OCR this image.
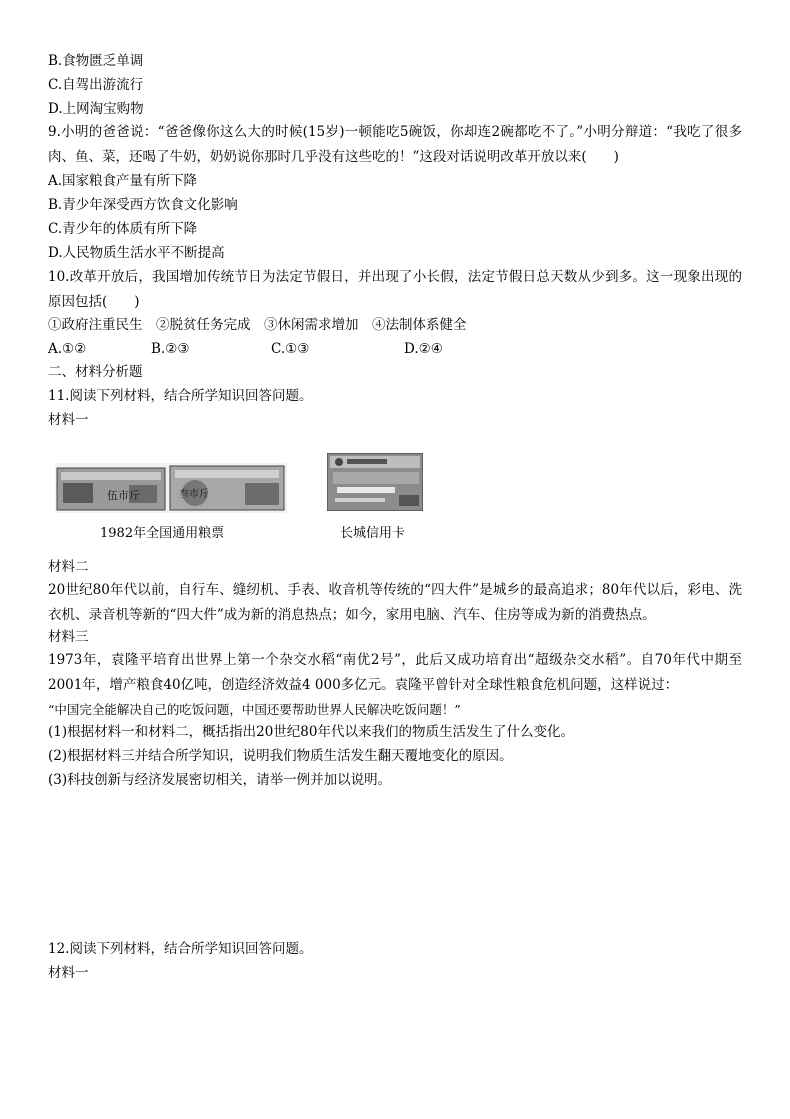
B.食物匮乏单调
C.自驾出游流行
D.上网淘宝购物
9.小明的爸爸说：“爸爸像你这么大的时候(15岁)一顿能吃5碗饭，你却连2碗都吃不了。”小明分辩道：“我吃了很多肉、鱼、菜，还喝了牛奶，奶奶说你那时几乎没有这些吃的！”这段对话说明改革开放以来(　　)
A.国家粮食产量有所下降
B.青少年深受西方饮食文化影响
C.青少年的体质有所下降
D.人民物质生活水平不断提高
10.改革开放后，我国增加传统节日为法定节假日，并出现了小长假，法定节假日总天数从少到多。这一现象出现的原因包括(　　)
①政府注重民生　②脱贫任务完成　③休闲需求增加　④法制体系健全
A.①②	B.②③	C.①③	D.②④
二、材料分析题
11.阅读下列材料，结合所学知识回答问题。
材料一
伍市斤	叁市斤
1982年全国通用粮票	长城信用卡
材料二
20世纪80年代以前，自行车、缝纫机、手表、收音机等传统的“四大件”是城乡的最高追求；80年代以后，彩电、洗衣机、录音机等新的“四大件”成为新的消息热点；如今，家用电脑、汽车、住房等成为新的消费热点。
材料三
1973年，袁隆平培育出世界上第一个杂交水稻“南优2号”，此后又成功培育出“超级杂交水稻”。自70年代中期至2001年，增产粮食40亿吨，创造经济效益4 000多亿元。袁隆平曾针对全球性粮食危机问题，这样说过：
“中国完全能解决自己的吃饭问题，中国还要帮助世界人民解决吃饭问题！”
(1)根据材料一和材料二，概括指出20世纪80年代以来我们的物质生活发生了什么变化。
(2)根据材料三并结合所学知识，说明我们物质生活发生翻天覆地变化的原因。
(3)科技创新与经济发展密切相关，请举一例并加以说明。
12.阅读下列材料，结合所学知识回答问题。
材料一
